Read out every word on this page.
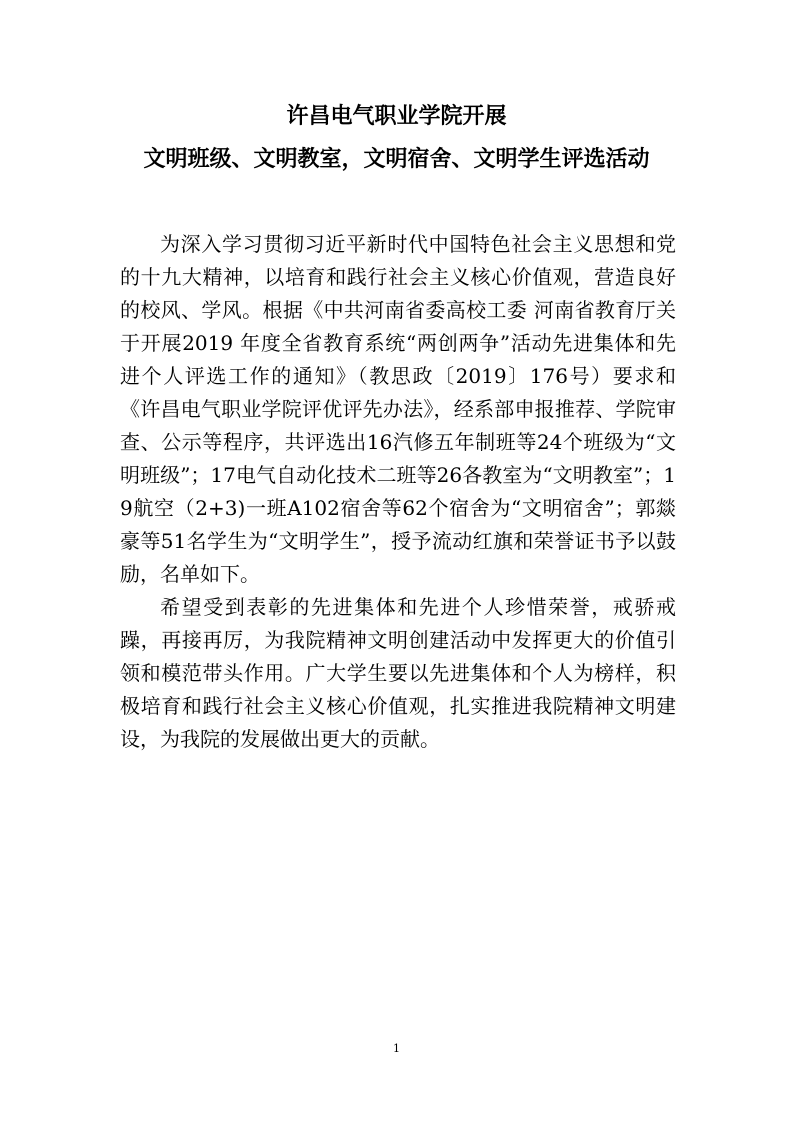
许昌电气职业学院开展
文明班级、文明教室，文明宿舍、文明学生评选活动

为深入学习贯彻习近平新时代中国特色社会主义思想和党的十九大精神，以培育和践行社会主义核心价值观，营造良好的校风、学风。根据《中共河南省委高校工委 河南省教育厅关于开展2019 年度全省教育系统“两创两争”活动先进集体和先进个人评选工作的通知》（教思政〔2019〕176号）要求和《许昌电气职业学院评优评先办法》，经系部申报推荐、学院审查、公示等程序，共评选出16汽修五年制班等24个班级为“文明班级”；17电气自动化技术二班等26各教室为“文明教室”；19航空（2+3)一班A102宿舍等62个宿舍为“文明宿舍”；郭燚豪等51名学生为“文明学生”，授予流动红旗和荣誉证书予以鼓励，名单如下。

希望受到表彰的先进集体和先进个人珍惜荣誉，戒骄戒躁，再接再厉，为我院精神文明创建活动中发挥更大的价值引领和模范带头作用。广大学生要以先进集体和个人为榜样，积极培育和践行社会主义核心价值观，扎实推进我院精神文明建设，为我院的发展做出更大的贡献。

1
